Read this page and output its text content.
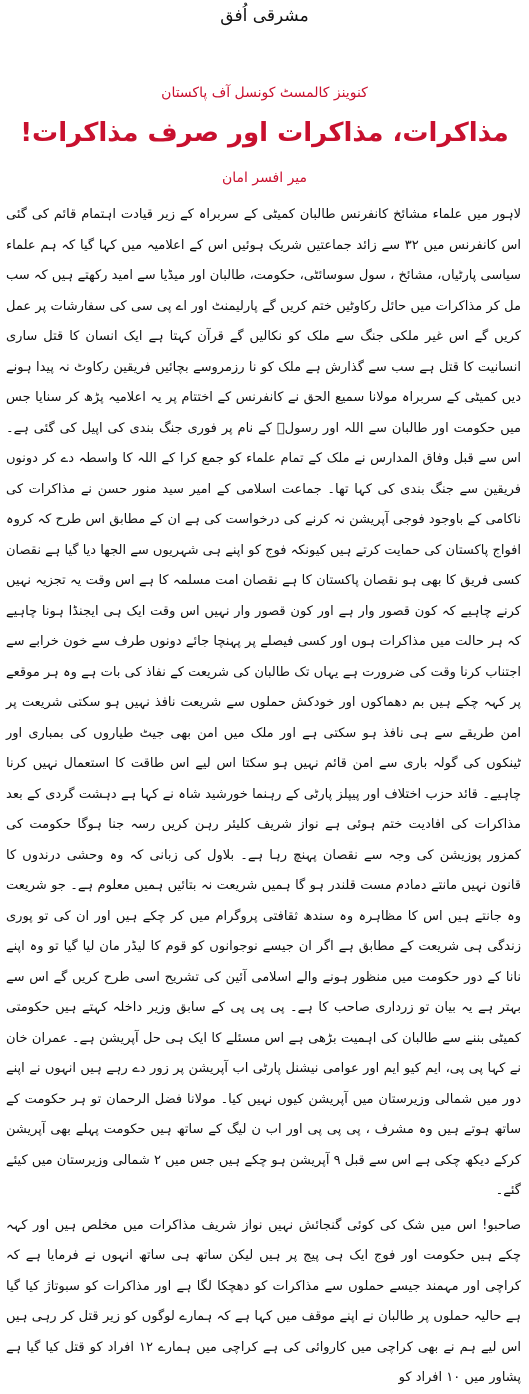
مشرقی اُفق
کنوینز کالمسٹ کونسل آف پاکستان
مذاکرات، مذاکرات اور صرف مذاکرات!
میر افسر امان

لاہور میں علماء مشائخ کانفرنس طالبان کمیٹی کے سربراہ کے زیر قیادت اہتمام قائم کی گئی اس کانفرنس میں ۳۲ سے زائد جماعتیں شریک ہوئیں اس کے اعلامیہ میں کہا گیا کہ ہم علماء سیاسی پارٹیاں، مشائخ ، سول سوسائٹی، حکومت، طالبان اور میڈیا سے امید رکھتے ہیں کہ سب مل کر مذاکرات میں حائل رکاوٹیں ختم کریں گے پارلیمنٹ اور اے پی سی کی سفارشات پر عمل کریں گے اس غیر ملکی جنگ سے ملک کو نکالیں گے قرآن کہتا ہے ایک انسان کا قتل ساری انسانیت کا قتل ہے سب سے گذارش ہے ملک کو نا رزمروسے بچائیں فریقین رکاوٹ نہ پیدا ہونے دیں کمیٹی کے سربراہ مولانا سمیع الحق نے کانفرنس کے اختتام پر یہ اعلامیہ پڑھ کر سنایا جس میں حکومت اور طالبان سے اللہ اور رسولؐ کے نام پر فوری جنگ بندی کی اپیل کی گئی ہے۔ اس سے قبل وفاق المدارس نے ملک کے تمام علماء کو جمع کرا کے اللہ کا واسطہ دے کر دونوں فریقین سے جنگ بندی کی کہا تھا۔ جماعت اسلامی کے امیر سید منور حسن نے مذاکرات کی ناکامی کے باوجود فوجی آپریشن نہ کرنے کی درخواست کی ہے ان کے مطابق اس طرح کہ کروہ افواج پاکستان کی حمایت کرتے ہیں کیونکہ فوج کو اپنے ہی شہریوں سے الجھا دیا گیا ہے نقصان کسی فریق کا بھی ہو نقصان پاکستان کا ہے نقصان امت مسلمہ کا ہے اس وقت یہ تجزیہ نہیں کرنے چاہیے کہ کون قصور وار ہے اور کون قصور وار نہیں اس وقت ایک ہی ایجنڈا ہونا چاہیے کہ ہر حالت میں مذاکرات ہوں اور کسی فیصلے پر پہنچا جائے دونوں طرف سے خون خرابے سے اجتناب کرنا وقت کی ضرورت ہے یہاں تک طالبان کی شریعت کے نفاذ کی بات ہے وہ ہر موقعے پر کہہ چکے ہیں بم دھماکوں اور خودکش حملوں سے شریعت نافذ نہیں ہو سکتی شریعت پر امن طریقے سے ہی نافذ ہو سکتی ہے اور ملک میں امن بھی جیٹ طیاروں کی بمباری اور ٹینکوں کی گولہ باری سے امن قائم نہیں ہو سکتا اس لیے اس طاقت کا استعمال نہیں کرنا چاہیے۔ قائد حزب اختلاف اور پیپلز پارٹی کے رہنما خورشید شاہ نے کہا ہے دہشت گردی کے بعد مذاکرات کی افادیت ختم ہوئی ہے نواز شریف کلیئر رہن کریں رسہ جنا ہوگا حکومت کی کمزور پوزیشن کی وجہ سے نقصان پہنچ رہا ہے۔ بلاول کی زبانی کہ وہ وحشی درندوں کا قانون نہیں مانتے دمادم مست قلندر ہو گا ہمیں شریعت نہ بتائیں ہمیں معلوم ہے۔ جو شریعت وہ جانتے ہیں اس کا مظاہرہ وہ سندھ ثقافتی پروگرام میں کر چکے ہیں اور ان کی تو پوری زندگی ہی شریعت کے مطابق ہے اگر ان جیسے نوجوانوں کو قوم کا لیڈر مان لیا گیا تو وہ اپنے نانا کے دور حکومت میں منظور ہونے والے اسلامی آئین کی تشریح اسی طرح کریں گے اس سے بہتر ہے یہ بیان تو زرداری صاحب کا ہے۔ پی پی پی کے سابق وزیر داخلہ کہتے ہیں حکومتی کمیٹی بننے سے طالبان کی اہمیت بڑھی ہے اس مسئلے کا ایک ہی حل آپریشن ہے۔ عمران خان نے کہا پی پی، ایم کیو ایم اور عوامی نیشنل پارٹی اب آپریشن پر زور دے رہے ہیں انہوں نے اپنے دور میں شمالی وزیرستان میں آپریشن کیوں نہیں کیا۔ مولانا فضل الرحمان تو ہر حکومت کے ساتھ ہوتے ہیں وہ مشرف ، پی پی پی اور اب ن لیگ کے ساتھ ہیں حکومت پہلے بھی آپریشن کرکے دیکھ چکی ہے اس سے قبل ۹ آپریشن ہو چکے ہیں جس میں ۲ شمالی وزیرستان میں کیئے گئے۔

صاحبو! اس میں شک کی کوئی گنجائش نہیں نواز شریف مذاکرات میں مخلص ہیں اور کہہ چکے ہیں حکومت اور فوج ایک ہی پیج پر ہیں لیکن ساتھ ہی ساتھ انہوں نے فرمایا ہے کہ کراچی اور مہمند جیسے حملوں سے مذاکرات کو دھچکا لگا ہے اور مذاکرات کو سبوتاژ کیا گیا ہے حالیہ حملوں پر طالبان نے اپنے موقف میں کہا ہے کہ ہمارے لوگوں کو زیر قتل کر رہی ہیں اس لیے ہم نے بھی کراچی میں کاروائی کی ہے کراچی میں ہمارے ۱۲ افراد کو قتل کیا گیا ہے پشاور میں ۱۰ افراد کو
